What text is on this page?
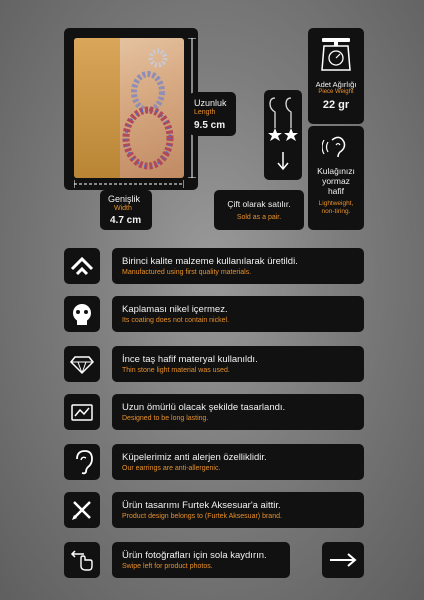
Uzunluk
Length
9.5 cm
Genişlik
Width
4.7 cm
Çift olarak satılır.
Sold as a pair.
Adet Ağırlığı
Piece Weight
22 gr
Kulağınızı
yormaz
hafif
Lightweight,
non-tiring.
Birinci kalite malzeme kullanılarak üretildi.
Manufactured using first quality materials.
Kaplaması nikel içermez.
Its coating does not contain nickel.
İnce taş hafif materyal kullanıldı.
Thin stone light material was used.
Uzun ömürlü olacak şekilde tasarlandı.
Designed to be long lasting.
Küpelerimiz anti alerjen özelliklidir.
Our earrings are anti-allergenic.
Ürün tasarımı Furtek Aksesuar'a aittir.
Product design belongs to (Furtek Aksesuar) brand.
Ürün fotoğrafları için sola kaydırın.
Swipe left for product photos.
